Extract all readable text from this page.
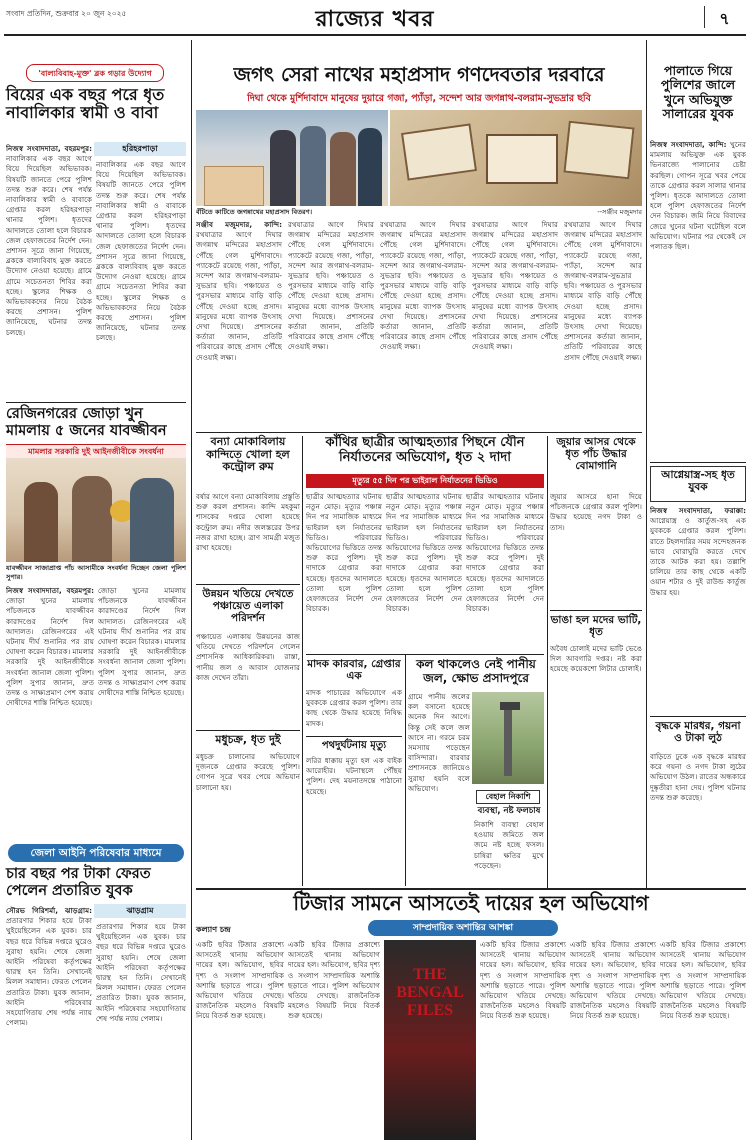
সংবাদ প্রতিদিন, শুক্রবার ২০ জুন ২০২৫	রাজ্যের খবর	৭
'বাল্যবিবাহ-মুক্ত' ব্লক গড়ার উদ্যোগ
বিয়ের এক বছর পরে ধৃত নাবালিকার স্বামী ও বাবা
হরিহরপাড়া
নিজস্ব সংবাদদাতা, বহরমপুর: নাবালিকার এক বছর আগে বিয়ে দিয়েছিল অভিভাবক। বিষয়টি জানতে পেরে পুলিশ তদন্ত শুরু করে। শেষ পর্যন্ত নাবালিকার স্বামী ও বাবাকে গ্রেপ্তার করল হরিহরপাড়া থানার পুলিশ। ধৃতদের আদালতে তোলা হলে বিচারক জেল হেফাজতের নির্দেশ দেন। প্রশাসন সূত্রে জানা গিয়েছে, ব্লককে বাল্যবিবাহ মুক্ত করতে উদ্যোগ নেওয়া হয়েছে। গ্রামে গ্রামে সচেতনতা শিবির করা হচ্ছে। স্কুলের শিক্ষক ও অভিভাবকদের নিয়ে বৈঠক করছে প্রশাসন। পুলিশ জানিয়েছে, ঘটনার তদন্ত চলছে।
নাবালিকার এক বছর আগে বিয়ে দিয়েছিল অভিভাবক। বিষয়টি জানতে পেরে পুলিশ তদন্ত শুরু করে। শেষ পর্যন্ত নাবালিকার স্বামী ও বাবাকে গ্রেপ্তার করল হরিহরপাড়া থানার পুলিশ। ধৃতদের আদালতে তোলা হলে বিচারক জেল হেফাজতের নির্দেশ দেন। প্রশাসন সূত্রে জানা গিয়েছে, ব্লককে বাল্যবিবাহ মুক্ত করতে উদ্যোগ নেওয়া হয়েছে। গ্রামে গ্রামে সচেতনতা শিবির করা হচ্ছে। স্কুলের শিক্ষক ও অভিভাবকদের নিয়ে বৈঠক করছে প্রশাসন। পুলিশ জানিয়েছে, ঘটনার তদন্ত চলছে।
রেজিনগরের জোড়া খুন মামলায় ৫ জনের যাবজ্জীবন
মামলার সরকারি দুই আইনজীবীকে সংবর্ধনা
যাবজ্জীবন সাজাপ্রাপ্ত পাঁচ আসামীকে সংবর্ধনা দিচ্ছেন জেলা পুলিশ সুপার।
নিজস্ব সংবাদদাতা, বহরমপুর: জোড়া খুনের মামলায় পাঁচজনকে যাবজ্জীবন কারাদণ্ডের নির্দেশ দিল আদালত। রেজিনগরের এই ঘটনায় দীর্ঘ শুনানির পর রায় ঘোষণা করেন বিচারক। মামলার সরকারি দুই আইনজীবীকে সংবর্ধনা জানাল জেলা পুলিশ। পুলিশ সুপার জানান, দ্রুত তদন্ত ও সাক্ষ্যপ্রমাণ পেশ করায় দোষীদের শাস্তি নিশ্চিত হয়েছে।
জোড়া খুনের মামলায় পাঁচজনকে যাবজ্জীবন কারাদণ্ডের নির্দেশ দিল আদালত। রেজিনগরের এই ঘটনায় দীর্ঘ শুনানির পর রায় ঘোষণা করেন বিচারক। মামলার সরকারি দুই আইনজীবীকে সংবর্ধনা জানাল জেলা পুলিশ। পুলিশ সুপার জানান, দ্রুত তদন্ত ও সাক্ষ্যপ্রমাণ পেশ করায় দোষীদের শাস্তি নিশ্চিত হয়েছে।
জেলা আইনি পরিষেবার মাধ্যমে
চার বছর পর টাকা ফেরত পেলেন প্রতারিত যুবক
ঝাড়গ্রাম
সৌরভ গিরিশর্মা, ঝাড়গ্রাম: প্রতারণার শিকার হয়ে টাকা খুইয়েছিলেন এক যুবক। চার বছর ধরে বিভিন্ন দপ্তরে ঘুরেও সুরাহা হয়নি। শেষে জেলা আইনি পরিষেবা কর্তৃপক্ষের দ্বারস্থ হন তিনি। সেখানেই মিলল সমাধান। ফেরত পেলেন প্রতারিত টাকা। যুবক জানান, আইনি পরিষেবার সহযোগিতায় শেষ পর্যন্ত ন্যায় পেলাম।
প্রতারণার শিকার হয়ে টাকা খুইয়েছিলেন এক যুবক। চার বছর ধরে বিভিন্ন দপ্তরে ঘুরেও সুরাহা হয়নি। শেষে জেলা আইনি পরিষেবা কর্তৃপক্ষের দ্বারস্থ হন তিনি। সেখানেই মিলল সমাধান। ফেরত পেলেন প্রতারিত টাকা। যুবক জানান, আইনি পরিষেবার সহযোগিতায় শেষ পর্যন্ত ন্যায় পেলাম।
জগৎ সেরা নাথের মহাপ্রসাদ গণদেবতার দরবারে
দিঘা থেকে মুর্শিদাবাদে মানুষের দুয়ারে গজা, প্যাঁড়া, সন্দেশ আর জগন্নাথ-বলরাম-সুভদ্রার ছবি
বঁটিতে কাটিতে জগন্নাথের মহাপ্রসাদ বিতরণ।	--সঞ্জীব মজুমদার
সঞ্জীব মজুমদার, কান্দি: রথযাত্রার আগে দিঘার জগন্নাথ মন্দিরের মহাপ্রসাদ পৌঁছে গেল মুর্শিদাবাদে। প্যাকেটে রয়েছে গজা, প্যাঁড়া, সন্দেশ আর জগন্নাথ-বলরাম-সুভদ্রার ছবি। পঞ্চায়েত ও পুরসভার মাধ্যমে বাড়ি বাড়ি পৌঁছে দেওয়া হচ্ছে প্রসাদ। মানুষের মধ্যে ব্যাপক উৎসাহ দেখা দিয়েছে। প্রশাসনের কর্তারা জানান, প্রতিটি পরিবারের কাছে প্রসাদ পৌঁছে দেওয়াই লক্ষ্য।
রথযাত্রার আগে দিঘার জগন্নাথ মন্দিরের মহাপ্রসাদ পৌঁছে গেল মুর্শিদাবাদে। প্যাকেটে রয়েছে গজা, প্যাঁড়া, সন্দেশ আর জগন্নাথ-বলরাম-সুভদ্রার ছবি। পঞ্চায়েত ও পুরসভার মাধ্যমে বাড়ি বাড়ি পৌঁছে দেওয়া হচ্ছে প্রসাদ। মানুষের মধ্যে ব্যাপক উৎসাহ দেখা দিয়েছে। প্রশাসনের কর্তারা জানান, প্রতিটি পরিবারের কাছে প্রসাদ পৌঁছে দেওয়াই লক্ষ্য।
রথযাত্রার আগে দিঘার জগন্নাথ মন্দিরের মহাপ্রসাদ পৌঁছে গেল মুর্শিদাবাদে। প্যাকেটে রয়েছে গজা, প্যাঁড়া, সন্দেশ আর জগন্নাথ-বলরাম-সুভদ্রার ছবি। পঞ্চায়েত ও পুরসভার মাধ্যমে বাড়ি বাড়ি পৌঁছে দেওয়া হচ্ছে প্রসাদ। মানুষের মধ্যে ব্যাপক উৎসাহ দেখা দিয়েছে। প্রশাসনের কর্তারা জানান, প্রতিটি পরিবারের কাছে প্রসাদ পৌঁছে দেওয়াই লক্ষ্য।
রথযাত্রার আগে দিঘার জগন্নাথ মন্দিরের মহাপ্রসাদ পৌঁছে গেল মুর্শিদাবাদে। প্যাকেটে রয়েছে গজা, প্যাঁড়া, সন্দেশ আর জগন্নাথ-বলরাম-সুভদ্রার ছবি। পঞ্চায়েত ও পুরসভার মাধ্যমে বাড়ি বাড়ি পৌঁছে দেওয়া হচ্ছে প্রসাদ। মানুষের মধ্যে ব্যাপক উৎসাহ দেখা দিয়েছে। প্রশাসনের কর্তারা জানান, প্রতিটি পরিবারের কাছে প্রসাদ পৌঁছে দেওয়াই লক্ষ্য।
রথযাত্রার আগে দিঘার জগন্নাথ মন্দিরের মহাপ্রসাদ পৌঁছে গেল মুর্শিদাবাদে। প্যাকেটে রয়েছে গজা, প্যাঁড়া, সন্দেশ আর জগন্নাথ-বলরাম-সুভদ্রার ছবি। পঞ্চায়েত ও পুরসভার মাধ্যমে বাড়ি বাড়ি পৌঁছে দেওয়া হচ্ছে প্রসাদ। মানুষের মধ্যে ব্যাপক উৎসাহ দেখা দিয়েছে। প্রশাসনের কর্তারা জানান, প্রতিটি পরিবারের কাছে প্রসাদ পৌঁছে দেওয়াই লক্ষ্য।
পালাতে গিয়ে পুলিশের জালে খুনে অভিযুক্ত সালারের যুবক
নিজস্ব সংবাদদাতা, কান্দি: খুনের মামলায় অভিযুক্ত এক যুবক ভিনরাজ্যে পালানোর চেষ্টা করছিল। গোপন সূত্রে খবর পেয়ে তাকে গ্রেপ্তার করল সালার থানার পুলিশ। ধৃতকে আদালতে তোলা হলে পুলিশ হেফাজতের নির্দেশ দেন বিচারক। জমি নিয়ে বিবাদের জেরে খুনের ঘটনা ঘটেছিল বলে অভিযোগ। ঘটনার পর থেকেই সে পলাতক ছিল।
আগ্নেয়াস্ত্র-সহ ধৃত যুবক
নিজস্ব সংবাদদাতা, ফরাক্কা: আগ্নেয়াস্ত্র ও কার্তুজ-সহ এক যুবককে গ্রেপ্তার করল পুলিশ। রাতে টহলদারির সময় সন্দেহজনক ভাবে ঘোরাঘুরি করতে দেখে তাকে আটক করা হয়। তল্লাশি চালিয়ে তার কাছ থেকে একটি ওয়ান শটার ও দুই রাউন্ড কার্তুজ উদ্ধার হয়।
বৃদ্ধকে মারধর, গয়না ও টাকা লুঠ
বাড়িতে ঢুকে এক বৃদ্ধকে মারধর করে গয়না ও নগদ টাকা লুঠের অভিযোগ উঠল। রাতের অন্ধকারে দুষ্কৃতীরা হানা দেয়। পুলিশ ঘটনার তদন্ত শুরু করেছে।
বন্যা মোকাবিলায় কান্দিতে খোলা হল কন্ট্রোল রুম
বর্ষার আগে বন্যা মোকাবিলায় প্রস্তুতি শুরু করল প্রশাসন। কান্দি মহকুমা শাসকের দপ্তরে খোলা হয়েছে কন্ট্রোল রুম। নদীর জলস্তরের উপর নজর রাখা হচ্ছে। ত্রাণ সামগ্রী মজুত রাখা হয়েছে।
কাঁথির ছাত্রীর আত্মহত্যার পিছনে যৌন নির্যাতনের অভিযোগ, ধৃত ২ দাদা
মৃত্যুর ৫৫ দিন পর ভাইরাল নির্যাতনের ভিডিও
ছাত্রীর আত্মহত্যার ঘটনায় নতুন মোড়। মৃত্যুর পঞ্চান্ন দিন পর সামাজিক মাধ্যমে ভাইরাল হল নির্যাতনের ভিডিও। পরিবারের অভিযোগের ভিত্তিতে তদন্ত শুরু করে পুলিশ। দুই দাদাকে গ্রেপ্তার করা হয়েছে। ধৃতদের আদালতে তোলা হলে পুলিশ হেফাজতের নির্দেশ দেন বিচারক।
ছাত্রীর আত্মহত্যার ঘটনায় নতুন মোড়। মৃত্যুর পঞ্চান্ন দিন পর সামাজিক মাধ্যমে ভাইরাল হল নির্যাতনের ভিডিও। পরিবারের অভিযোগের ভিত্তিতে তদন্ত শুরু করে পুলিশ। দুই দাদাকে গ্রেপ্তার করা হয়েছে। ধৃতদের আদালতে তোলা হলে পুলিশ হেফাজতের নির্দেশ দেন বিচারক।
ছাত্রীর আত্মহত্যার ঘটনায় নতুন মোড়। মৃত্যুর পঞ্চান্ন দিন পর সামাজিক মাধ্যমে ভাইরাল হল নির্যাতনের ভিডিও। পরিবারের অভিযোগের ভিত্তিতে তদন্ত শুরু করে পুলিশ। দুই দাদাকে গ্রেপ্তার করা হয়েছে। ধৃতদের আদালতে তোলা হলে পুলিশ হেফাজতের নির্দেশ দেন বিচারক।
জুয়ার আসর থেকে ধৃত পাঁচ উদ্ধার বোমাগানি
জুয়ার আসরে হানা দিয়ে পাঁচজনকে গ্রেপ্তার করল পুলিশ। উদ্ধার হয়েছে নগদ টাকা ও তাস।
ভাঙা হল মদের ভাটি, ধৃত
অবৈধ চোলাই মদের ভাটি ভেঙে দিল আবগারি দপ্তর। নষ্ট করা হয়েছে কয়েকশো লিটার চোলাই।
উন্নয়ন খতিয়ে দেখতে পঞ্চায়েত এলাকা পরিদর্শন
পঞ্চায়েত এলাকায় উন্নয়নের কাজ খতিয়ে দেখতে পরিদর্শনে গেলেন প্রশাসনিক আধিকারিকরা। রাস্তা, পানীয় জল ও আবাস যোজনার কাজ দেখেন তাঁরা।
মাদক কারবার, গ্রেপ্তার এক
মাদক পাচারের অভিযোগে এক যুবককে গ্রেপ্তার করল পুলিশ। তার কাছ থেকে উদ্ধার হয়েছে নিষিদ্ধ মাদক।
পথদুর্ঘটনায় মৃত্যু
লরির ধাক্কায় মৃত্যু হল এক বাইক আরোহীর। ঘটনাস্থলে পৌঁছয় পুলিশ। দেহ ময়নাতদন্তে পাঠানো হয়েছে।
মধুচক্র, ধৃত দুই
মধুচক্র চালানোর অভিযোগে দুজনকে গ্রেপ্তার করেছে পুলিশ। গোপন সূত্রে খবর পেয়ে অভিযান চালানো হয়।
কল থাকলেও নেই পানীয় জল, ক্ষোভ প্রসাদপুরে
গ্রামে পানীয় জলের কল বসানো হয়েছে অনেক দিন আগে। কিন্তু সেই কলে জল আসে না। গরমে চরম সমস্যায় পড়েছেন বাসিন্দারা। বারবার প্রশাসনকে জানিয়েও সুরাহা হয়নি বলে অভিযোগ।
বেহাল নিকাশি
ব্যবস্থা, নষ্ট ফলচাষ
নিকাশি ব্যবস্থা বেহাল হওয়ায় জমিতে জল জমে নষ্ট হচ্ছে ফসল। চাষিরা ক্ষতির মুখে পড়েছেন।
টিজার সামনে আসতেই দায়ের হল অভিযোগ
সাম্প্রদায়িক অশান্তির আশঙ্কা
কল্যাণ চন্দ্র
THE BENGAL FILES
একটি ছবির টিজার প্রকাশ্যে আসতেই থানায় অভিযোগ দায়ের হল। অভিযোগ, ছবির দৃশ্য ও সংলাপ সাম্প্রদায়িক অশান্তি ছড়াতে পারে। পুলিশ অভিযোগ খতিয়ে দেখছে। রাজনৈতিক মহলেও বিষয়টি নিয়ে বিতর্ক শুরু হয়েছে।
একটি ছবির টিজার প্রকাশ্যে আসতেই থানায় অভিযোগ দায়ের হল। অভিযোগ, ছবির দৃশ্য ও সংলাপ সাম্প্রদায়িক অশান্তি ছড়াতে পারে। পুলিশ অভিযোগ খতিয়ে দেখছে। রাজনৈতিক মহলেও বিষয়টি নিয়ে বিতর্ক শুরু হয়েছে।
একটি ছবির টিজার প্রকাশ্যে আসতেই থানায় অভিযোগ দায়ের হল। অভিযোগ, ছবির দৃশ্য ও সংলাপ সাম্প্রদায়িক অশান্তি ছড়াতে পারে। পুলিশ অভিযোগ খতিয়ে দেখছে। রাজনৈতিক মহলেও বিষয়টি নিয়ে বিতর্ক শুরু হয়েছে।
একটি ছবির টিজার প্রকাশ্যে আসতেই থানায় অভিযোগ দায়ের হল। অভিযোগ, ছবির দৃশ্য ও সংলাপ সাম্প্রদায়িক অশান্তি ছড়াতে পারে। পুলিশ অভিযোগ খতিয়ে দেখছে। রাজনৈতিক মহলেও বিষয়টি নিয়ে বিতর্ক শুরু হয়েছে।
একটি ছবির টিজার প্রকাশ্যে আসতেই থানায় অভিযোগ দায়ের হল। অভিযোগ, ছবির দৃশ্য ও সংলাপ সাম্প্রদায়িক অশান্তি ছড়াতে পারে। পুলিশ অভিযোগ খতিয়ে দেখছে। রাজনৈতিক মহলেও বিষয়টি নিয়ে বিতর্ক শুরু হয়েছে।
